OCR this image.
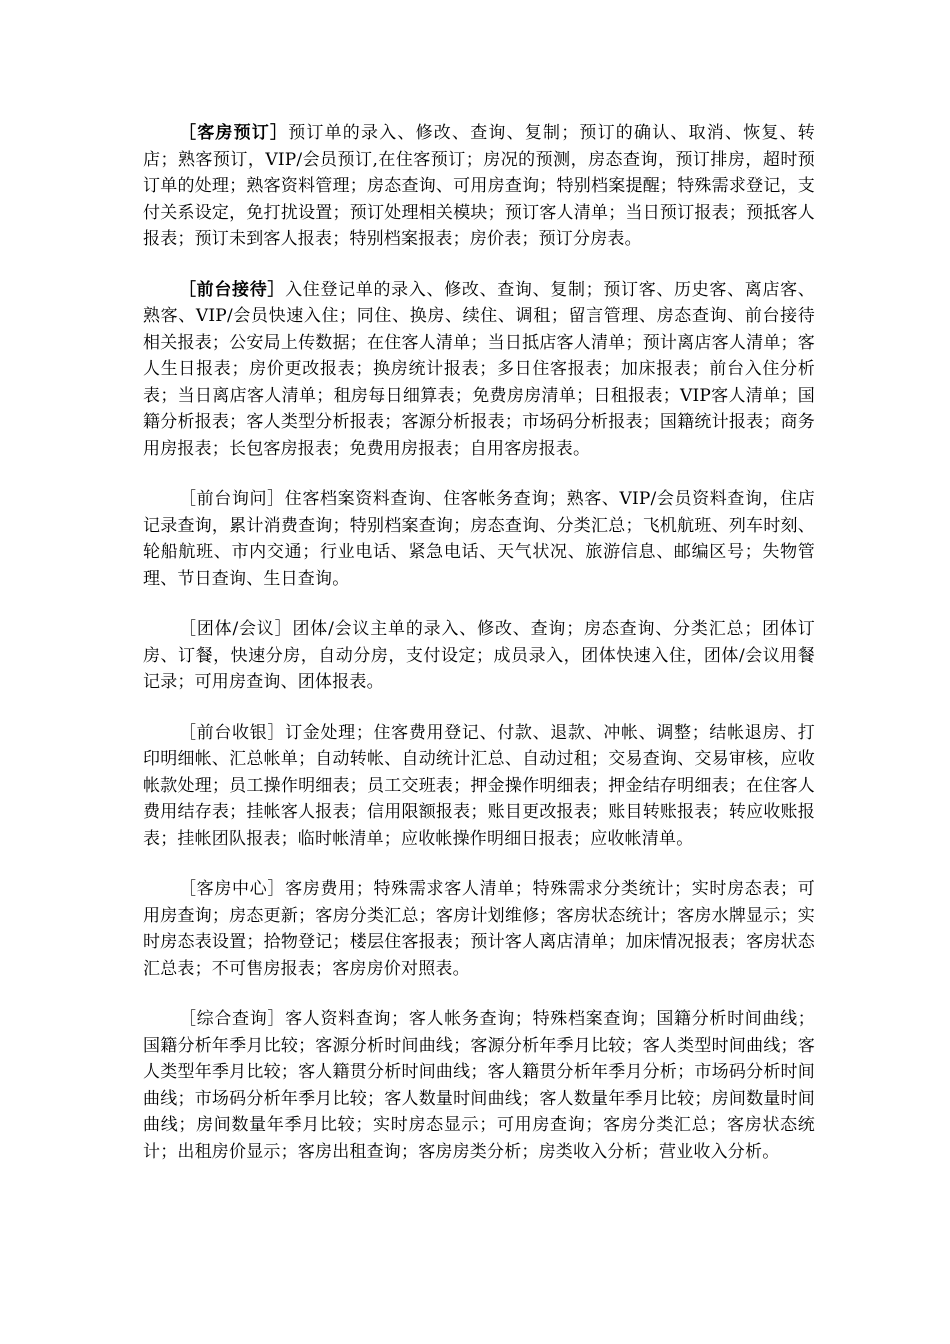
［客房预订］预订单的录入、修改、查询、复制；预订的确认、取消、恢复、转店；熟客预订，VIP/会员预订,在住客预订；房况的预测，房态查询，预订排房，超时预订单的处理；熟客资料管理；房态查询、可用房查询；特别档案提醒；特殊需求登记，支付关系设定，免打扰设置；预订处理相关模块；预订客人清单；当日预订报表；预抵客人报表；预订未到客人报表；特别档案报表；房价表；预订分房表。

［前台接待］入住登记单的录入、修改、查询、复制；预订客、历史客、离店客、熟客、VIP/会员快速入住；同住、换房、续住、调租；留言管理、房态查询、前台接待相关报表；公安局上传数据；在住客人清单；当日抵店客人清单；预计离店客人清单；客人生日报表；房价更改报表；换房统计报表；多日住客报表；加床报表；前台入住分析表；当日离店客人清单；租房每日细算表；免费房房清单；日租报表；VIP客人清单；国籍分析报表；客人类型分析报表；客源分析报表；市场码分析报表；国籍统计报表；商务用房报表；长包客房报表；免费用房报表；自用客房报表。

［前台询问］住客档案资料查询、住客帐务查询；熟客、VIP/会员资料查询，住店记录查询，累计消费查询；特别档案查询；房态查询、分类汇总；飞机航班、列车时刻、轮船航班、市内交通；行业电话、紧急电话、天气状况、旅游信息、邮编区号；失物管理、节日查询、生日查询。

［团体/会议］团体/会议主单的录入、修改、查询；房态查询、分类汇总；团体订房、订餐，快速分房，自动分房，支付设定；成员录入，团体快速入住，团体/会议用餐记录；可用房查询、团体报表。

［前台收银］订金处理；住客费用登记、付款、退款、冲帐、调整；结帐退房、打印明细帐、汇总帐单；自动转帐、自动统计汇总、自动过租；交易查询、交易审核，应收帐款处理；员工操作明细表；员工交班表；押金操作明细表；押金结存明细表；在住客人费用结存表；挂帐客人报表；信用限额报表；账目更改报表；账目转账报表；转应收账报表；挂帐团队报表；临时帐清单；应收帐操作明细日报表；应收帐清单。

［客房中心］客房费用；特殊需求客人清单；特殊需求分类统计；实时房态表；可用房查询；房态更新；客房分类汇总；客房计划维修；客房状态统计；客房水牌显示；实时房态表设置；拾物登记；楼层住客报表；预计客人离店清单；加床情况报表；客房状态汇总表；不可售房报表；客房房价对照表。

［综合查询］客人资料查询；客人帐务查询；特殊档案查询；国籍分析时间曲线；国籍分析年季月比较；客源分析时间曲线；客源分析年季月比较；客人类型时间曲线；客人类型年季月比较；客人籍贯分析时间曲线；客人籍贯分析年季月分析；市场码分析时间曲线；市场码分析年季月比较；客人数量时间曲线；客人数量年季月比较；房间数量时间曲线；房间数量年季月比较；实时房态显示；可用房查询；客房分类汇总；客房状态统计；出租房价显示；客房出租查询；客房房类分析；房类收入分析；营业收入分析。
